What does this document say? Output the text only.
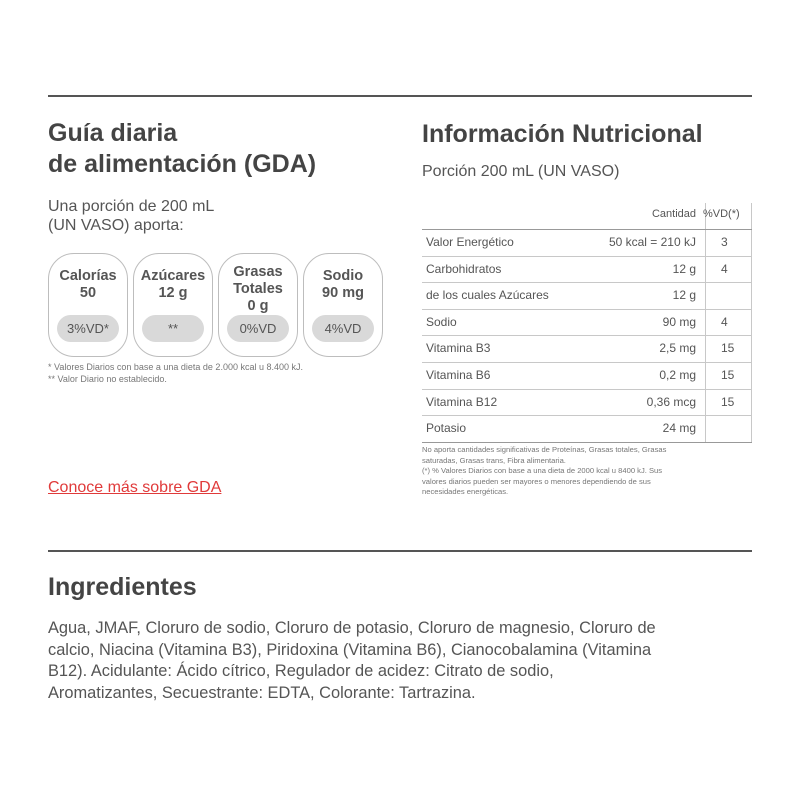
Guía diaria
de alimentación (GDA)
Una porción de 200 mL
(UN VASO) aporta:
Calorías
50
3%VD*
Azúcares
12 g
**
Grasas
Totales
0 g
0%VD
Sodio
90 mg
4%VD
* Valores Diarios con base a una dieta de 2.000 kcal u 8.400 kJ.
** Valor Diario no establecido.
Conoce más sobre GDA
Información Nutricional
Porción 200 mL (UN VASO)
Cantidad %VD(*)
Valor Energético	50 kcal = 210 kJ 3
Carbohidratos	12 g 4
de los cuales Azúcares	12 g
Sodio	90 mg 4
Vitamina B3	2,5 mg 15
Vitamina B6	0,2 mg 15
Vitamina B12	0,36 mcg 15
Potasio	24 mg
No aporta cantidades significativas de Proteínas, Grasas totales, Grasas
saturadas, Grasas trans, Fibra alimentaria.
(*) % Valores Diarios con base a una dieta de 2000 kcal u 8400 kJ. Sus
valores diarios pueden ser mayores o menores dependiendo de sus
necesidades energéticas.
Ingredientes
Agua, JMAF, Cloruro de sodio, Cloruro de potasio, Cloruro de magnesio, Cloruro de
calcio, Niacina (Vitamina B3), Piridoxina (Vitamina B6), Cianocobalamina (Vitamina
B12). Acidulante: Ácido cítrico, Regulador de acidez: Citrato de sodio,
Aromatizantes, Secuestrante: EDTA, Colorante: Tartrazina.
